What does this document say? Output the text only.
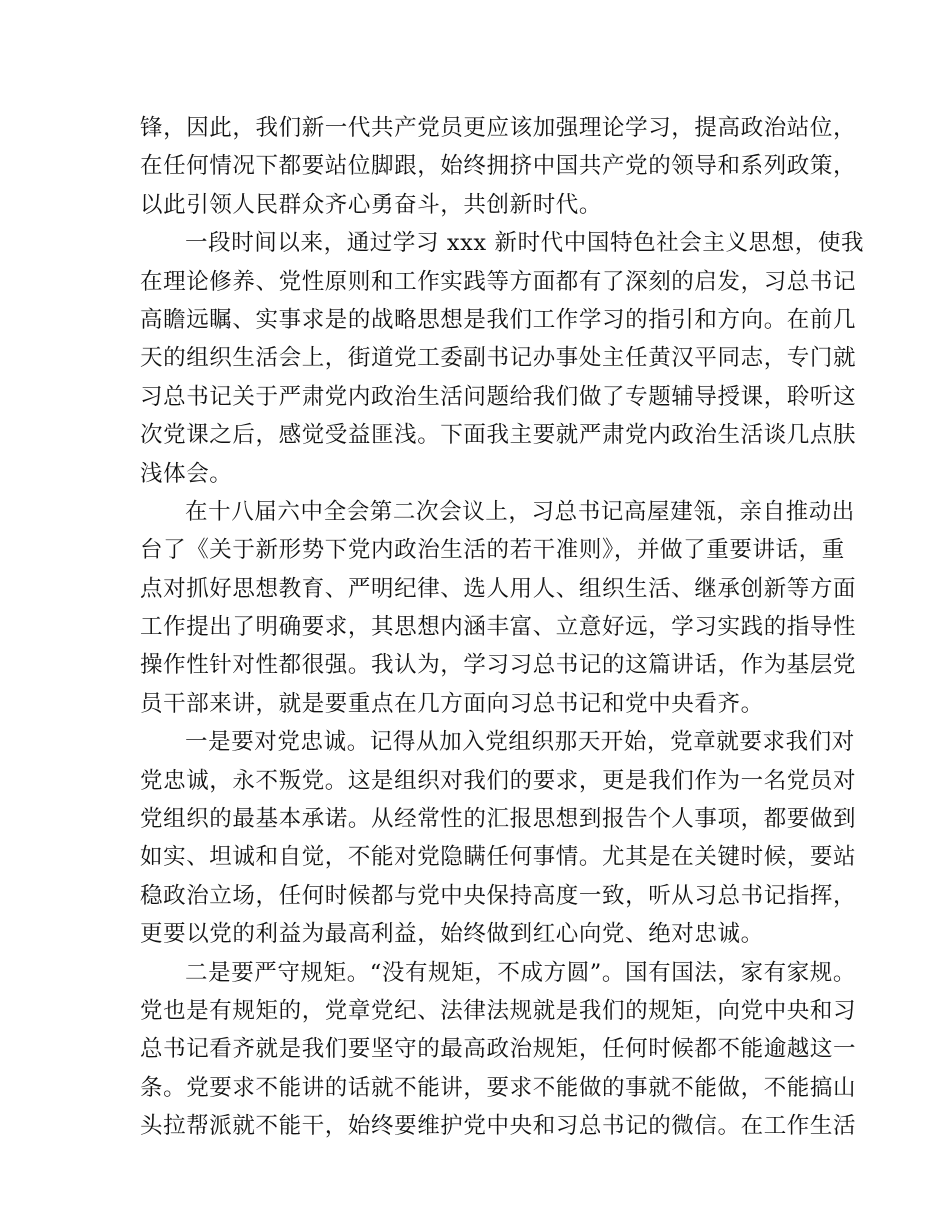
锋，因此，我们新一代共产党员更应该加强理论学习，提高政治站位，
在任何情况下都要站位脚跟，始终拥挤中国共产党的领导和系列政策，
以此引领人民群众齐心勇奋斗，共创新时代。
一段时间以来，通过学习 xxx 新时代中国特色社会主义思想，使我
在理论修养、党性原则和工作实践等方面都有了深刻的启发，习总书记
高瞻远瞩、实事求是的战略思想是我们工作学习的指引和方向。在前几
天的组织生活会上，街道党工委副书记办事处主任黄汉平同志，专门就
习总书记关于严肃党内政治生活问题给我们做了专题辅导授课，聆听这
次党课之后，感觉受益匪浅。下面我主要就严肃党内政治生活谈几点肤
浅体会。
在十八届六中全会第二次会议上，习总书记高屋建瓴，亲自推动出
台了《关于新形势下党内政治生活的若干准则》，并做了重要讲话，重
点对抓好思想教育、严明纪律、选人用人、组织生活、继承创新等方面
工作提出了明确要求，其思想内涵丰富、立意好远，学习实践的指导性
操作性针对性都很强。我认为，学习习总书记的这篇讲话，作为基层党
员干部来讲，就是要重点在几方面向习总书记和党中央看齐。
一是要对党忠诚。记得从加入党组织那天开始，党章就要求我们对
党忠诚，永不叛党。这是组织对我们的要求，更是我们作为一名党员对
党组织的最基本承诺。从经常性的汇报思想到报告个人事项，都要做到
如实、坦诚和自觉，不能对党隐瞒任何事情。尤其是在关键时候，要站
稳政治立场，任何时候都与党中央保持高度一致，听从习总书记指挥，
更要以党的利益为最高利益，始终做到红心向党、绝对忠诚。
二是要严守规矩。“没有规矩，不成方圆”。国有国法，家有家规。
党也是有规矩的，党章党纪、法律法规就是我们的规矩，向党中央和习
总书记看齐就是我们要坚守的最高政治规矩，任何时候都不能逾越这一
条。党要求不能讲的话就不能讲，要求不能做的事就不能做，不能搞山
头拉帮派就不能干，始终要维护党中央和习总书记的微信。在工作生活
